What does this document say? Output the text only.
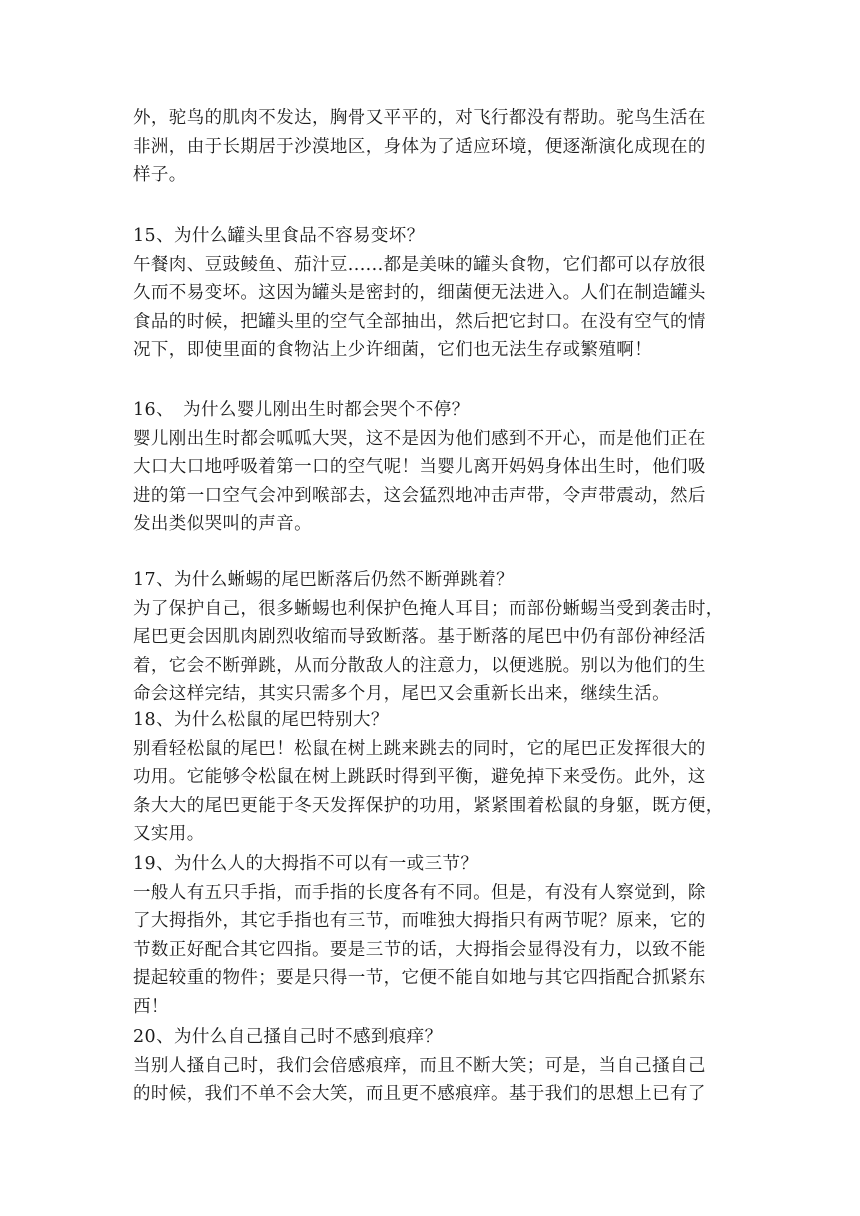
外，驼鸟的肌肉不发达，胸骨又平平的，对飞行都没有帮助。驼鸟生活在

非洲，由于长期居于沙漠地区，身体为了适应环境，便逐渐演化成现在的

样子。

15、为什么罐头里食品不容易变坏？

午餐肉、豆豉鲮鱼、茄汁豆......都是美味的罐头食物，它们都可以存放很

久而不易变坏。这因为罐头是密封的，细菌便无法进入。人们在制造罐头

食品的时候，把罐头里的空气全部抽出，然后把它封口。在没有空气的情

况下，即使里面的食物沾上少许细菌，它们也无法生存或繁殖啊！

16、　为什么婴儿刚出生时都会哭个不停？

婴儿刚出生时都会呱呱大哭，这不是因为他们感到不开心，而是他们正在

大口大口地呼吸着第一口的空气呢！当婴儿离开妈妈身体出生时，他们吸

进的第一口空气会冲到喉部去，这会猛烈地冲击声带，令声带震动，然后

发出类似哭叫的声音。

17、为什么蜥蜴的尾巴断落后仍然不断弹跳着？

为了保护自己，很多蜥蜴也利保护色掩人耳目；而部份蜥蜴当受到袭击时，

尾巴更会因肌肉剧烈收缩而导致断落。基于断落的尾巴中仍有部份神经活

着，它会不断弹跳，从而分散敌人的注意力，以便逃脱。别以为他们的生

命会这样完结，其实只需多个月，尾巴又会重新长出来，继续生活。

18、为什么松鼠的尾巴特别大？

别看轻松鼠的尾巴！松鼠在树上跳来跳去的同时，它的尾巴正发挥很大的

功用。它能够令松鼠在树上跳跃时得到平衡，避免掉下来受伤。此外，这

条大大的尾巴更能于冬天发挥保护的功用，紧紧围着松鼠的身躯，既方便，

又实用。

19、为什么人的大拇指不可以有一或三节？

一般人有五只手指，而手指的长度各有不同。但是，有没有人察觉到，除

了大拇指外，其它手指也有三节，而唯独大拇指只有两节呢？原来，它的

节数正好配合其它四指。要是三节的话，大拇指会显得没有力，以致不能

提起较重的物件；要是只得一节，它便不能自如地与其它四指配合抓紧东

西！

20、为什么自己搔自己时不感到痕痒？

当别人搔自己时，我们会倍感痕痒，而且不断大笑；可是，当自己搔自己

的时候，我们不单不会大笑，而且更不感痕痒。基于我们的思想上已有了
